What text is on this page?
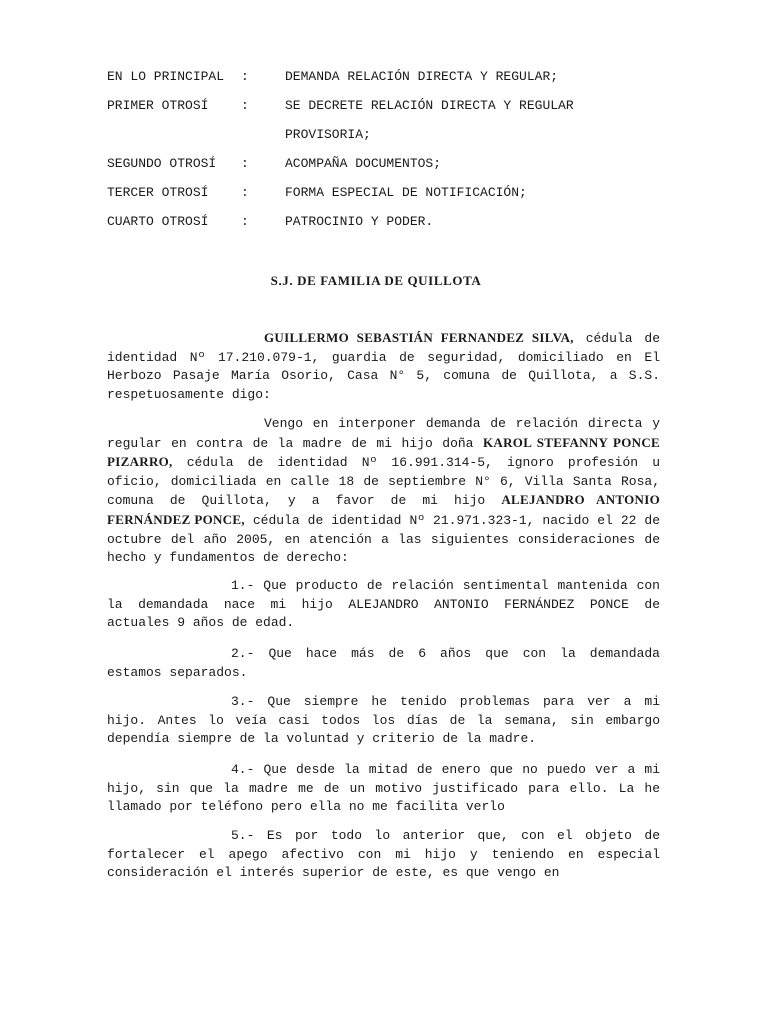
EN LO PRINCIPAL :	DEMANDA RELACIÓN DIRECTA Y REGULAR;
PRIMER OTROSÍ	:	SE DECRETE RELACIÓN DIRECTA Y REGULAR
PROVISORIA;
SEGUNDO OTROSÍ :	ACOMPAÑA DOCUMENTOS;
TERCER OTROSÍ	:	FORMA ESPECIAL DE NOTIFICACIÓN;
CUARTO OTROSÍ	:	PATROCINIO Y PODER.
S.J. DE FAMILIA DE QUILLOTA

GUILLERMO SEBASTIÁN FERNANDEZ SILVA, cédula de identidad Nº 17.210.079-1, guardia de seguridad, domiciliado en El Herbozo Pasaje María Osorio, Casa N° 5, comuna de Quillota, a S.S. respetuosamente digo:

Vengo en interponer demanda de relación directa y regular en contra de la madre de mi hijo doña KAROL STEFANNY PONCE PIZARRO, cédula de identidad Nº 16.991.314-5, ignoro profesión u oficio, domiciliada en calle 18 de septiembre N° 6, Villa Santa Rosa, comuna de Quillota, y a favor de mi hijo ALEJANDRO ANTONIO FERNÁNDEZ PONCE, cédula de identidad Nº 21.971.323-1, nacido el 22 de octubre del año 2005, en atención a las siguientes consideraciones de hecho y fundamentos de derecho:

1.- Que producto de relación sentimental mantenida con la demandada nace mi hijo ALEJANDRO ANTONIO FERNÁNDEZ PONCE de actuales 9 años de edad.

2.- Que hace más de 6 años que con la demandada estamos separados.

3.- Que siempre he tenido problemas para ver a mi hijo. Antes lo veía casi todos los días de la semana, sin embargo dependía siempre de la voluntad y criterio de la madre.

4.- Que desde la mitad de enero que no puedo ver a mi hijo, sin que la madre me de un motivo justificado para ello. La he llamado por teléfono pero ella no me facilita verlo

5.- Es por todo lo anterior que, con el objeto de fortalecer el apego afectivo con mi hijo y teniendo en especial consideración el interés superior de este, es que vengo en
